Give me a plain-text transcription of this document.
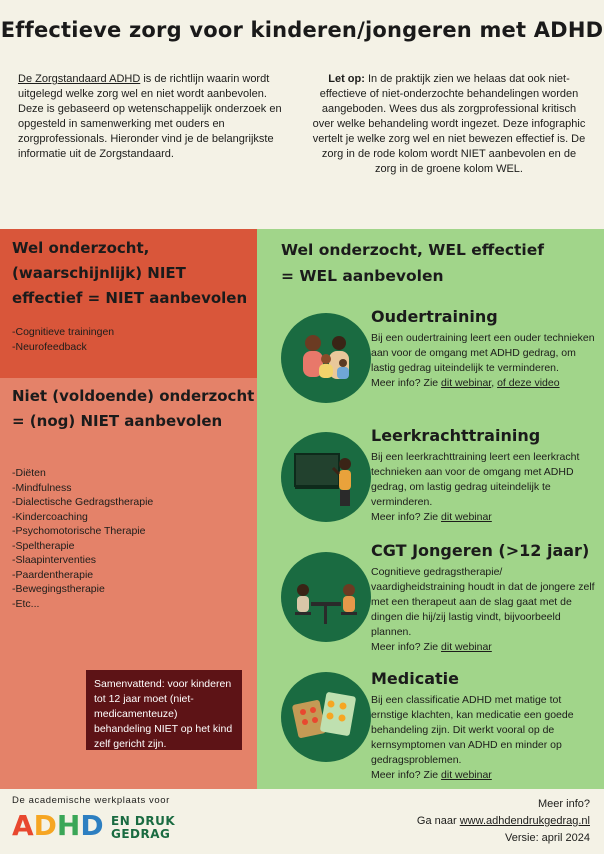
Effectieve zorg voor kinderen/jongeren met ADHD
De Zorgstandaard ADHD is de richtlijn waarin wordt uitgelegd welke zorg wel en niet wordt aanbevolen. Deze is gebaseerd op wetenschappelijk onderzoek en opgesteld in samenwerking met ouders en zorgprofessionals. Hieronder vind je de belangrijkste informatie uit de Zorgstandaard.
Let op: In de praktijk zien we helaas dat ook niet- effectieve of niet-onderzochte behandelingen worden aangeboden. Wees dus als zorgprofessional kritisch over welke behandeling wordt ingezet. Deze infographic vertelt je welke zorg wel en niet bewezen effectief is. De zorg in de rode kolom wordt NIET aanbevolen en de zorg in de groene kolom WEL.
Wel onderzocht,
(waarschijnlijk) NIET
effectief = NIET aanbevolen
-Cognitieve trainingen
-Neurofeedback
Niet (voldoende) onderzocht
= (nog) NIET aanbevolen
-Diëten
-Mindfulness
-Dialectische Gedragstherapie
-Kindercoaching
-Psychomotorische Therapie
-Speltherapie
-Slaapinterventies
-Paardentherapie
-Bewegingstherapie
-Etc...
Samenvattend: voor kinderen tot 12 jaar moet (niet-medicamenteuze) behandeling NIET op het kind zelf gericht zijn.
Wel onderzocht, WEL effectief
= WEL aanbevolen
Oudertraining
Bij een oudertraining leert een ouder technieken aan voor de omgang met ADHD gedrag, om lastig gedrag uiteindelijk te verminderen.
Meer info? Zie dit webinar, of deze video
Leerkrachttraining
Bij een leerkrachttraining leert een leerkracht technieken aan voor de omgang met ADHD gedrag, om lastig gedrag uiteindelijk te verminderen.
Meer info? Zie dit webinar
CGT Jongeren (>12 jaar)
Cognitieve gedragstherapie/ vaardigheidstraining houdt in dat de jongere zelf met een therapeut aan de slag gaat met de dingen die hij/zij lastig vindt, bijvoorbeeld plannen.
Meer info? Zie dit webinar
Medicatie
Bij een classificatie ADHD met matige tot ernstige klachten, kan medicatie een goede behandeling zijn. Dit werkt vooral op de kernsymptomen van ADHD en minder op gedragsproblemen.
Meer info? Zie dit webinar
De academische werkplaats voor
ADHD EN DRUK
GEDRAG
Meer info?
Ga naar www.adhdendrukgedrag.nl
Versie: april 2024
